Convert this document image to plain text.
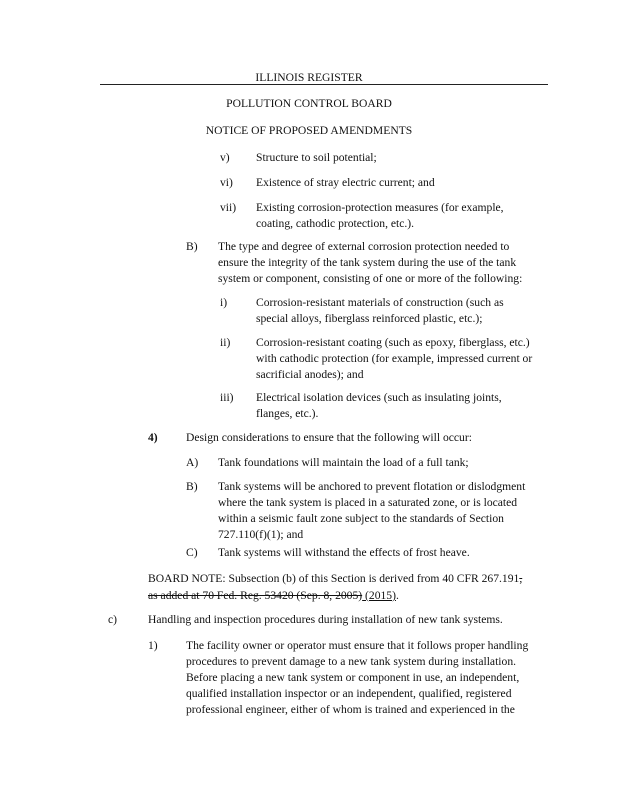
ILLINOIS REGISTER
POLLUTION CONTROL BOARD
NOTICE OF PROPOSED AMENDMENTS
v) Structure to soil potential;
vi) Existence of stray electric current; and
vii) Existing corrosion-protection measures (for example,
coating, cathodic protection, etc.).
B) The type and degree of external corrosion protection needed to
ensure the integrity of the tank system during the use of the tank
system or component, consisting of one or more of the following:
i) Corrosion-resistant materials of construction (such as
special alloys, fiberglass reinforced plastic, etc.);
ii) Corrosion-resistant coating (such as epoxy, fiberglass, etc.)
with cathodic protection (for example, impressed current or
sacrificial anodes); and
iii) Electrical isolation devices (such as insulating joints,
flanges, etc.).
4) Design considerations to ensure that the following will occur:
A) Tank foundations will maintain the load of a full tank;
B) Tank systems will be anchored to prevent flotation or dislodgment
where the tank system is placed in a saturated zone, or is located
within a seismic fault zone subject to the standards of Section
727.110(f)(1); and
C) Tank systems will withstand the effects of frost heave.
c)	Handling and inspection procedures during installation of new tank systems.
1) The facility owner or operator must ensure that it follows proper handling
procedures to prevent damage to a new tank system during installation.
Before placing a new tank system or component in use, an independent,
qualified installation inspector or an independent, qualified, registered
professional engineer, either of whom is trained and experienced in the
BOARD NOTE: Subsection (b) of this Section is derived from 40 CFR 267.191,
as added at 70 Fed. Reg. 53420 (Sep. 8, 2005) (2015).
